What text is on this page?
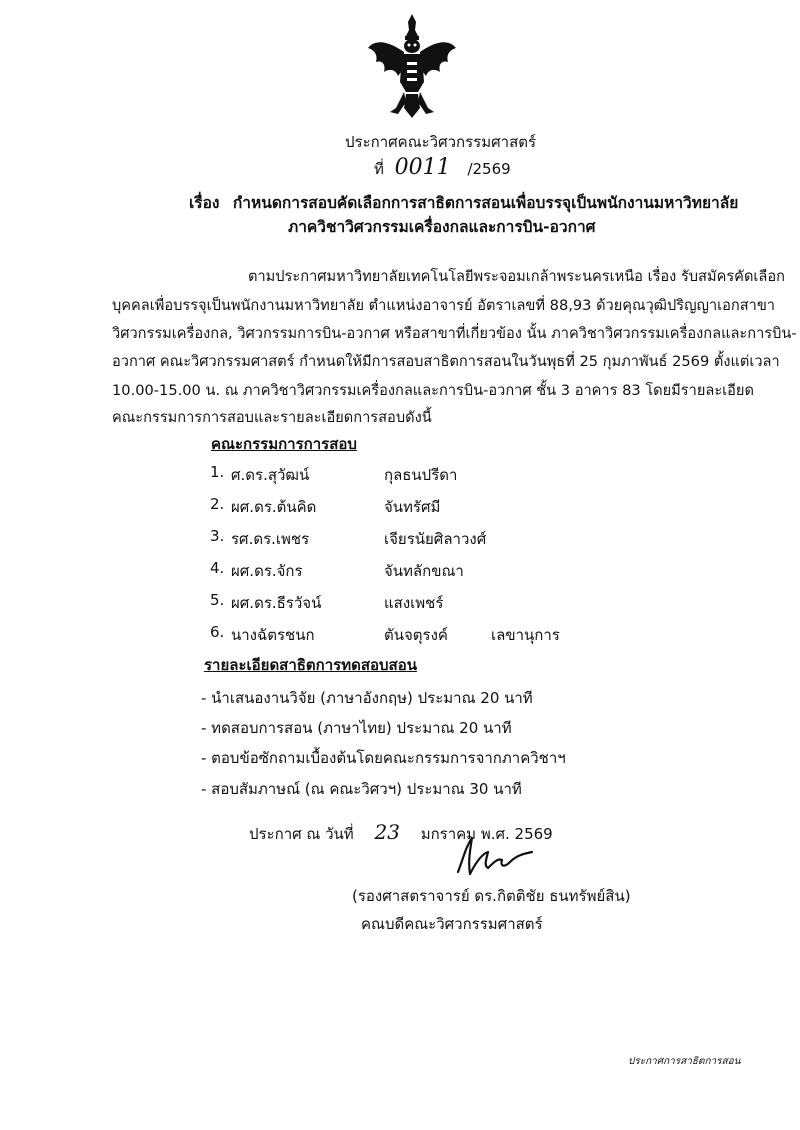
ประกาศคณะวิศวกรรมศาสตร์
ที่ 0011 /2569
เรื่อง กำหนดการสอบคัดเลือกการสาธิตการสอนเพื่อบรรจุเป็นพนักงานมหาวิทยาลัย
ภาควิชาวิศวกรรมเครื่องกลและการบิน-อวกาศ
ตามประกาศมหาวิทยาลัยเทคโนโลยีพระจอมเกล้าพระนครเหนือ เรื่อง รับสมัครคัดเลือก
บุคคลเพื่อบรรจุเป็นพนักงานมหาวิทยาลัย ตำแหน่งอาจารย์ อัตราเลขที่ 88,93 ด้วยคุณวุฒิปริญญาเอกสาขา
วิศวกรรมเครื่องกล, วิศวกรรมการบิน-อวกาศ หรือสาขาที่เกี่ยวข้อง นั้น ภาควิชาวิศวกรรมเครื่องกลและการบิน-
อวกาศ คณะวิศวกรรมศาสตร์ กำหนดให้มีการสอบสาธิตการสอนในวันพุธที่ 25 กุมภาพันธ์ 2569 ตั้งแต่เวลา
10.00-15.00 น. ณ ภาควิชาวิศวกรรมเครื่องกลและการบิน-อวกาศ ชั้น 3 อาคาร 83 โดยมีรายละเอียด
คณะกรรมการการสอบและรายละเอียดการสอบดังนี้
คณะกรรมการการสอบ
1. ศ.ดร.สุวัฒน์	กุลธนปรีดา
2. ผศ.ดร.ต้นคิด	จันทรัศมี
3. รศ.ดร.เพชร	เจียรนัยศิลาวงศ์
4. ผศ.ดร.จักร	จันทลักขณา
5. ผศ.ดร.ธีรวัจน์	แสงเพชร์
6. นางฉัตรชนก	ตันจตุรงค์	เลขานุการ
รายละเอียดสาธิตการทดสอบสอน
- นำเสนองานวิจัย (ภาษาอังกฤษ) ประมาณ 20 นาที
- ทดสอบการสอน (ภาษาไทย) ประมาณ 20 นาที
- ตอบข้อซักถามเบื้องต้นโดยคณะกรรมการจากภาควิชาฯ
- สอบสัมภาษณ์ (ณ คณะวิศวฯ) ประมาณ 30 นาที
ประกาศ ณ วันที่ 23 มกราคม พ.ศ. 2569
(รองศาสตราจารย์ ดร.กิตติชัย ธนทรัพย์สิน)
คณบดีคณะวิศวกรรมศาสตร์
ประกาศการสาธิตการสอน
